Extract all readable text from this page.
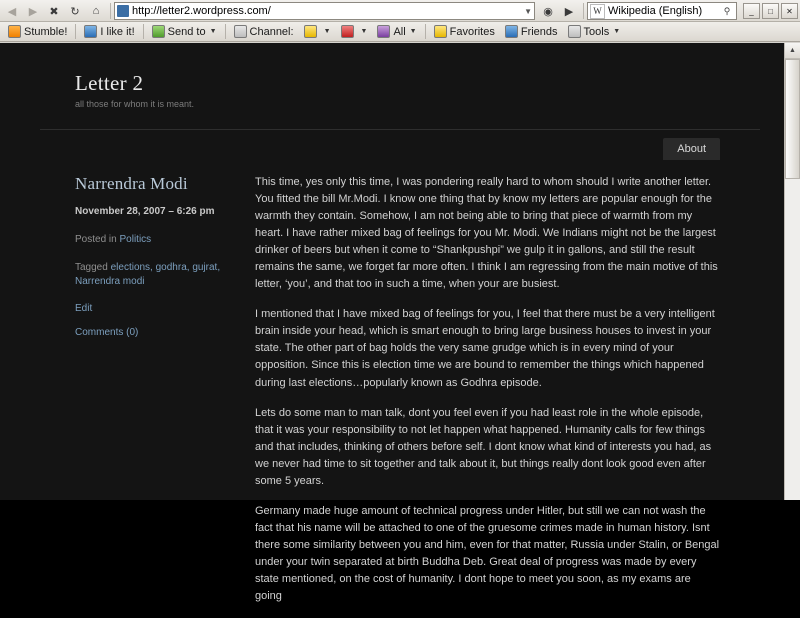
◀	▶	✖	↻	⌂	http://letter2.wordpress.com/	▼	◉	▶	W Wikipedia (English)	⚲	_	□	✕
Stumble!	I like it!	Send to ▼	Channel:	▼	▼ All ▼	Favorites Friends Tools ▼
Letter 2
all those for whom it is meant.
About
Narrendra Modi
November 28, 2007 – 6:26 pm
Posted in Politics
Tagged elections, godhra, gujrat, Narrendra modi
Edit
Comments (0)

This time, yes only this time, I was pondering really hard to whom should I write another letter. You fitted the bill Mr.Modi. I know one thing that by know my letters are popular enough for the warmth they contain. Somehow, I am not being able to bring that piece of warmth from my heart. I have rather mixed bag of feelings for you Mr. Modi. We Indians might not be the largest drinker of beers but when it come to “Shankpushpi” we gulp it in gallons, and still the result remains the same, we forget far more often. I think I am regressing from the main motive of this letter, ‘you’, and that too in such a time, when your are busiest.

I mentioned that I have mixed bag of feelings for you, I feel that there must be a very intelligent brain inside your head, which is smart enough to bring large business houses to invest in your state. The other part of bag holds the very same grudge which is in every mind of your opposition. Since this is election time we are bound to remember the things which happened during last elections…popularly known as Godhra episode.

Lets do some man to man talk, dont you feel even if you had least role in the whole episode, that it was your responsibility to not let happen what happened. Humanity calls for few things and that includes, thinking of others before self. I dont know what kind of interests you had, as we never had time to sit together and talk about it, but things really dont look good even after some 5 years.

Germany made huge amount of technical progress under Hitler, but still we can not wash the fact that his name will be attached to one of the gruesome crimes made in human history. Isnt there some similarity between you and him, even for that matter, Russia under Stalin, or Bengal under your twin separated at birth Buddha Deb. Great deal of progress was made by every state mentioned, on the cost of humanity. I dont hope to meet you soon, as my exams are going

▲
